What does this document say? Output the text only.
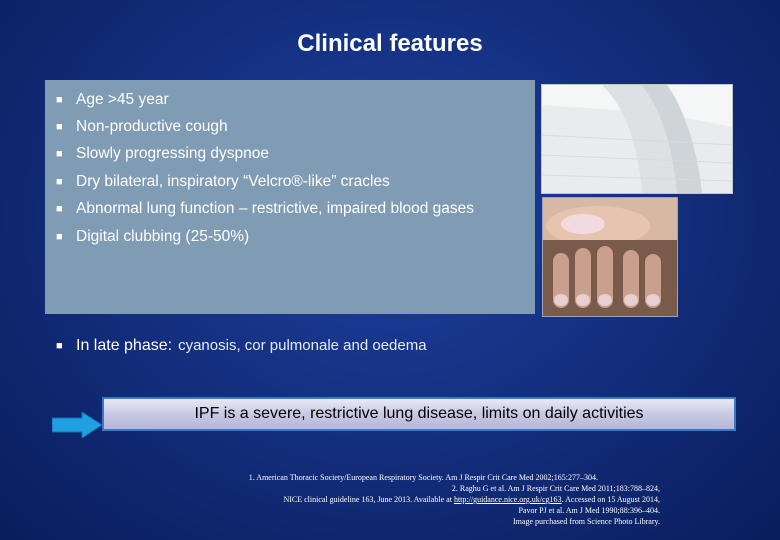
Clinical features
■ Age >45 year
■ Non-productive cough
■ Slowly progressing dyspnoe
■ Dry bilateral, inspiratory “Velcro®-like” cracles
■ Abnormal lung function – restrictive, impaired blood gases
■ Digital clubbing (25-50%)
■ In late phase: cyanosis, cor pulmonale and oedema
IPF is a severe, restrictive lung disease, limits on daily activities
1. American Thoracic Society/European Respiratory Society. Am J Respir Crit Care Med 2002;165:277–304.
2. Raghu G et al. Am J Respir Crit Care Med 2011;183:788–824,
NICE clinical guideline 163, June 2013. Available at http://guidance.nice.org.uk/cg163. Accessed on 15 August 2014,
Pavor PJ et al. Am J Med 1990;88:396–404.
Image purchased from Science Photo Library.
